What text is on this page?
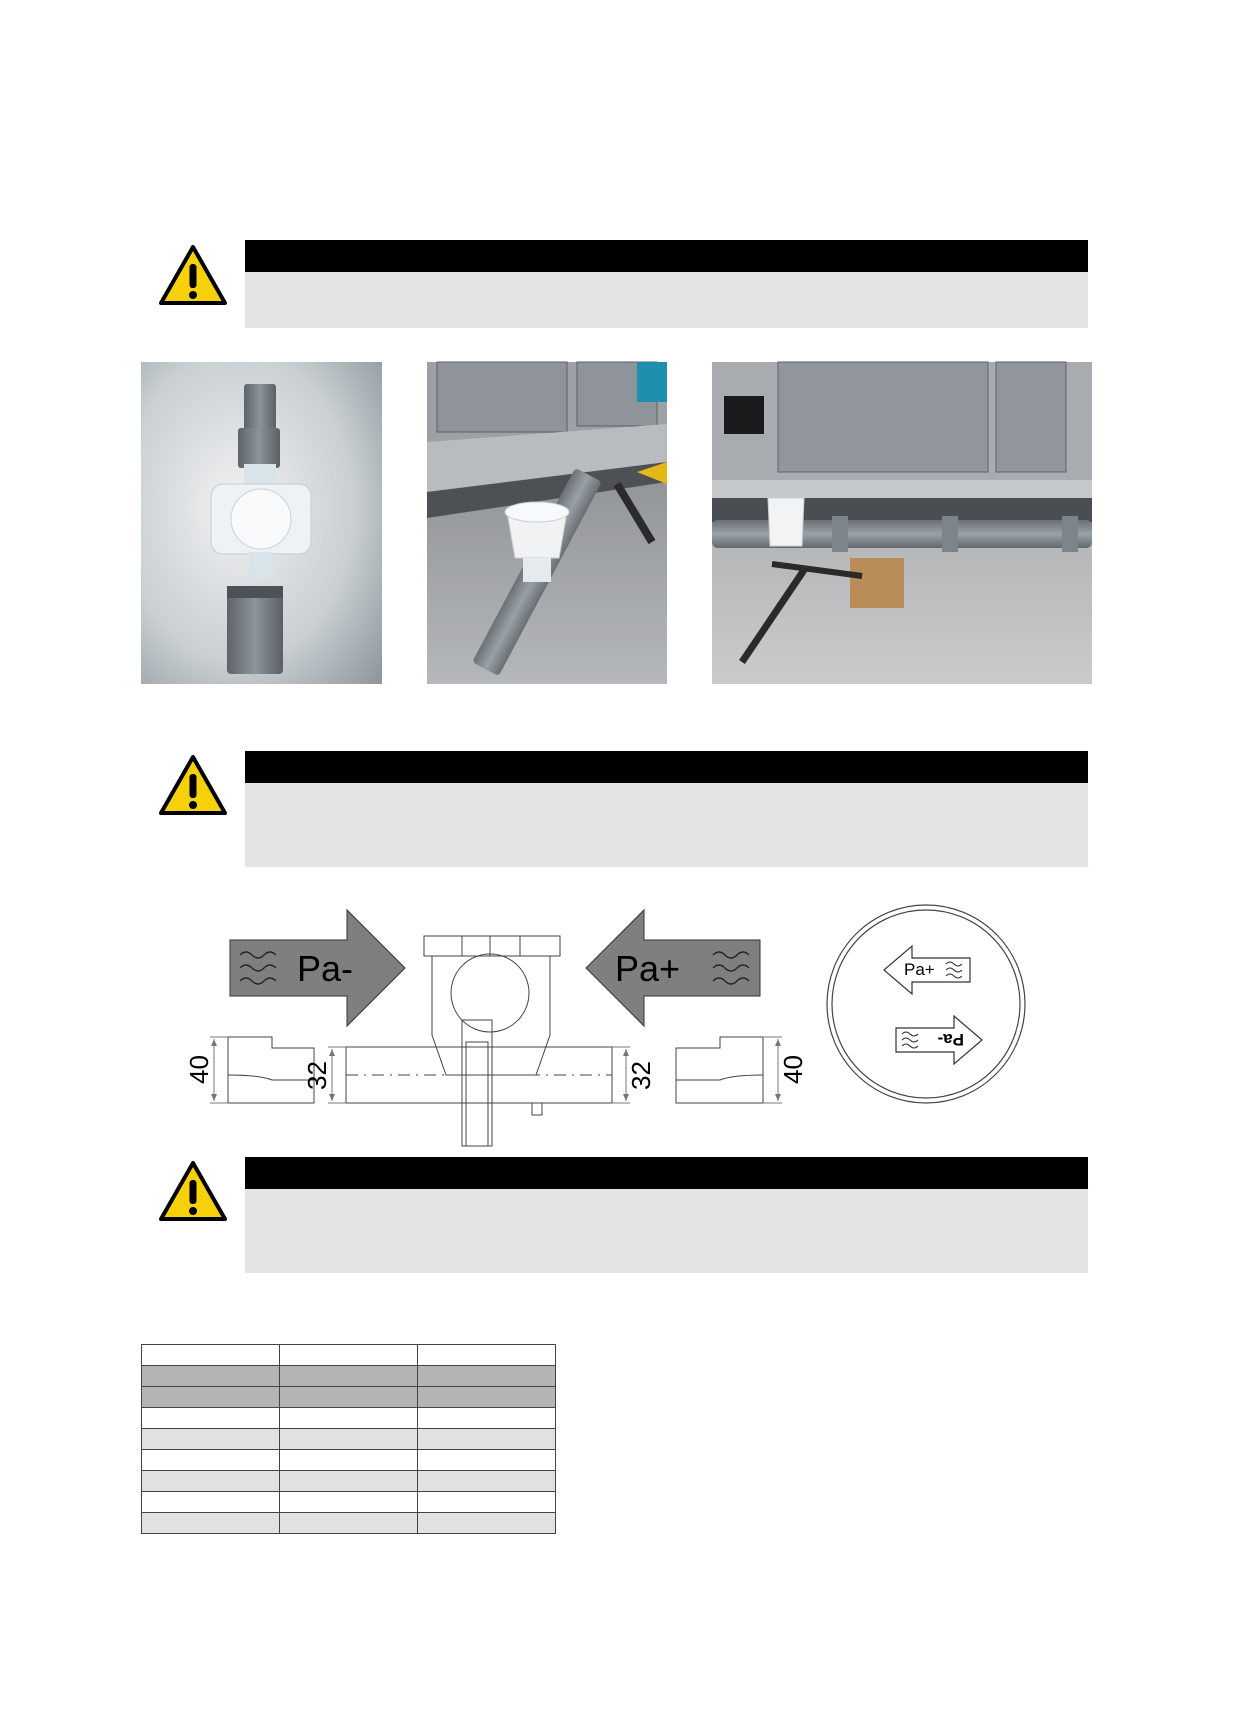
Pa-	Pa+
40	32	32	40
Pa+
Pa-
